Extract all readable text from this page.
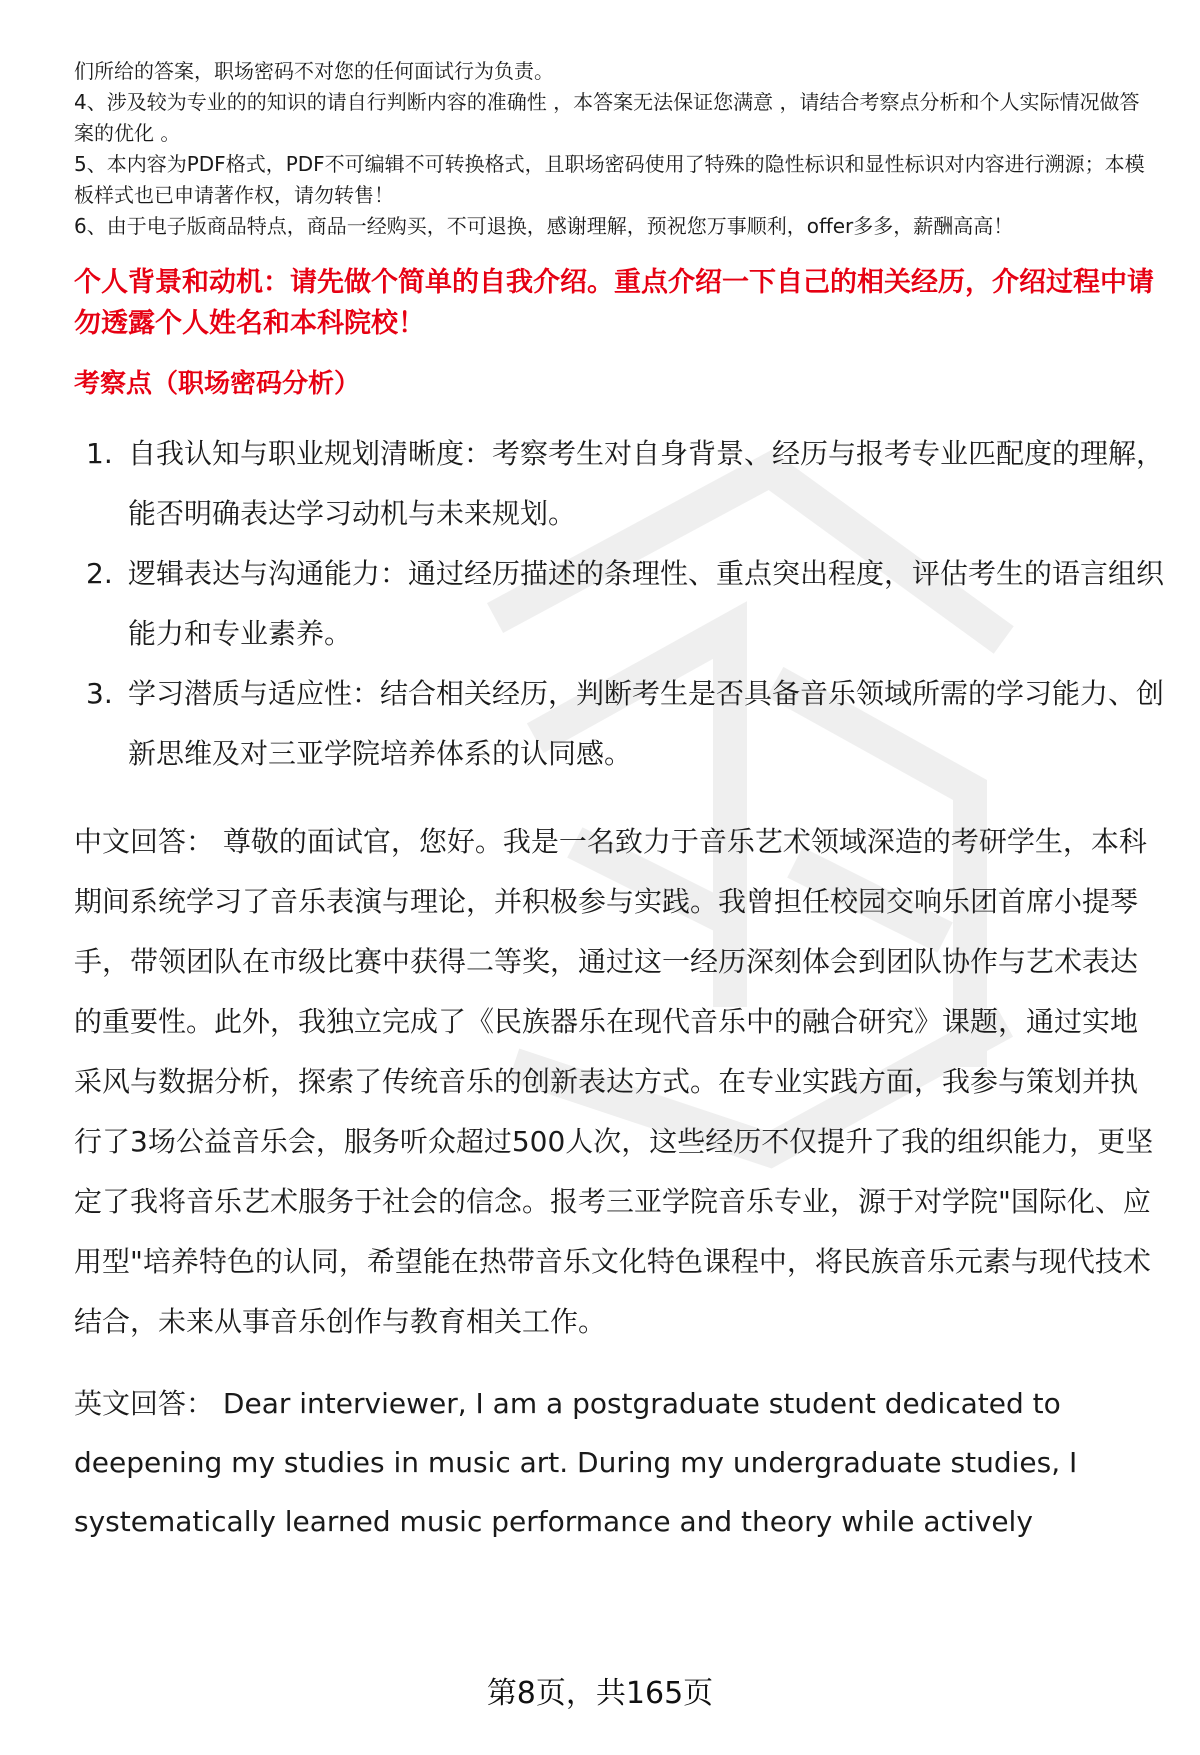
们所给的答案，职场密码不对您的任何面试行为负责。

4、涉及较为专业的的知识的请自行判断内容的准确性 ，本答案无法保证您满意 ，请结合考察点分析和个人实际情况做答案的优化 。

5、本内容为PDF格式，PDF不可编辑不可转换格式，且职场密码使用了特殊的隐性标识和显性标识对内容进行溯源；本模板样式也已申请著作权，请勿转售！

6、由于电子版商品特点，商品一经购买，不可退换，感谢理解，预祝您万事顺利，offer多多，薪酬高高！

个人背景和动机：请先做个简单的自我介绍。重点介绍一下自己的相关经历，介绍过程中请勿透露个人姓名和本科院校！
考察点（职场密码分析）
1. 自我认知与职业规划清晰度：考察考生对自身背景、经历与报考专业匹配度的理解，能否明确表达学习动机与未来规划。
2. 逻辑表达与沟通能力：通过经历描述的条理性、重点突出程度，评估考生的语言组织能力和专业素养。
3. 学习潜质与适应性：结合相关经历，判断考生是否具备音乐领域所需的学习能力、创新思维及对三亚学院培养体系的认同感。
中文回答： 尊敬的面试官，您好。我是一名致力于音乐艺术领域深造的考研学生，本科期间系统学习了音乐表演与理论，并积极参与实践。我曾担任校园交响乐团首席小提琴手，带领团队在市级比赛中获得二等奖，通过这一经历深刻体会到团队协作与艺术表达的重要性。此外，我独立完成了《民族器乐在现代音乐中的融合研究》课题，通过实地采风与数据分析，探索了传统音乐的创新表达方式。在专业实践方面，我参与策划并执行了3场公益音乐会，服务听众超过500人次，这些经历不仅提升了我的组织能力，更坚定了我将音乐艺术服务于社会的信念。报考三亚学院音乐专业，源于对学院"国际化、应用型"培养特色的认同，希望能在热带音乐文化特色课程中，将民族音乐元素与现代技术结合，未来从事音乐创作与教育相关工作。
英文回答： Dear interviewer, I am a postgraduate student dedicated to deepening my studies in music art. During my undergraduate studies, I systematically learned music performance and theory while actively
第8页，共165页
